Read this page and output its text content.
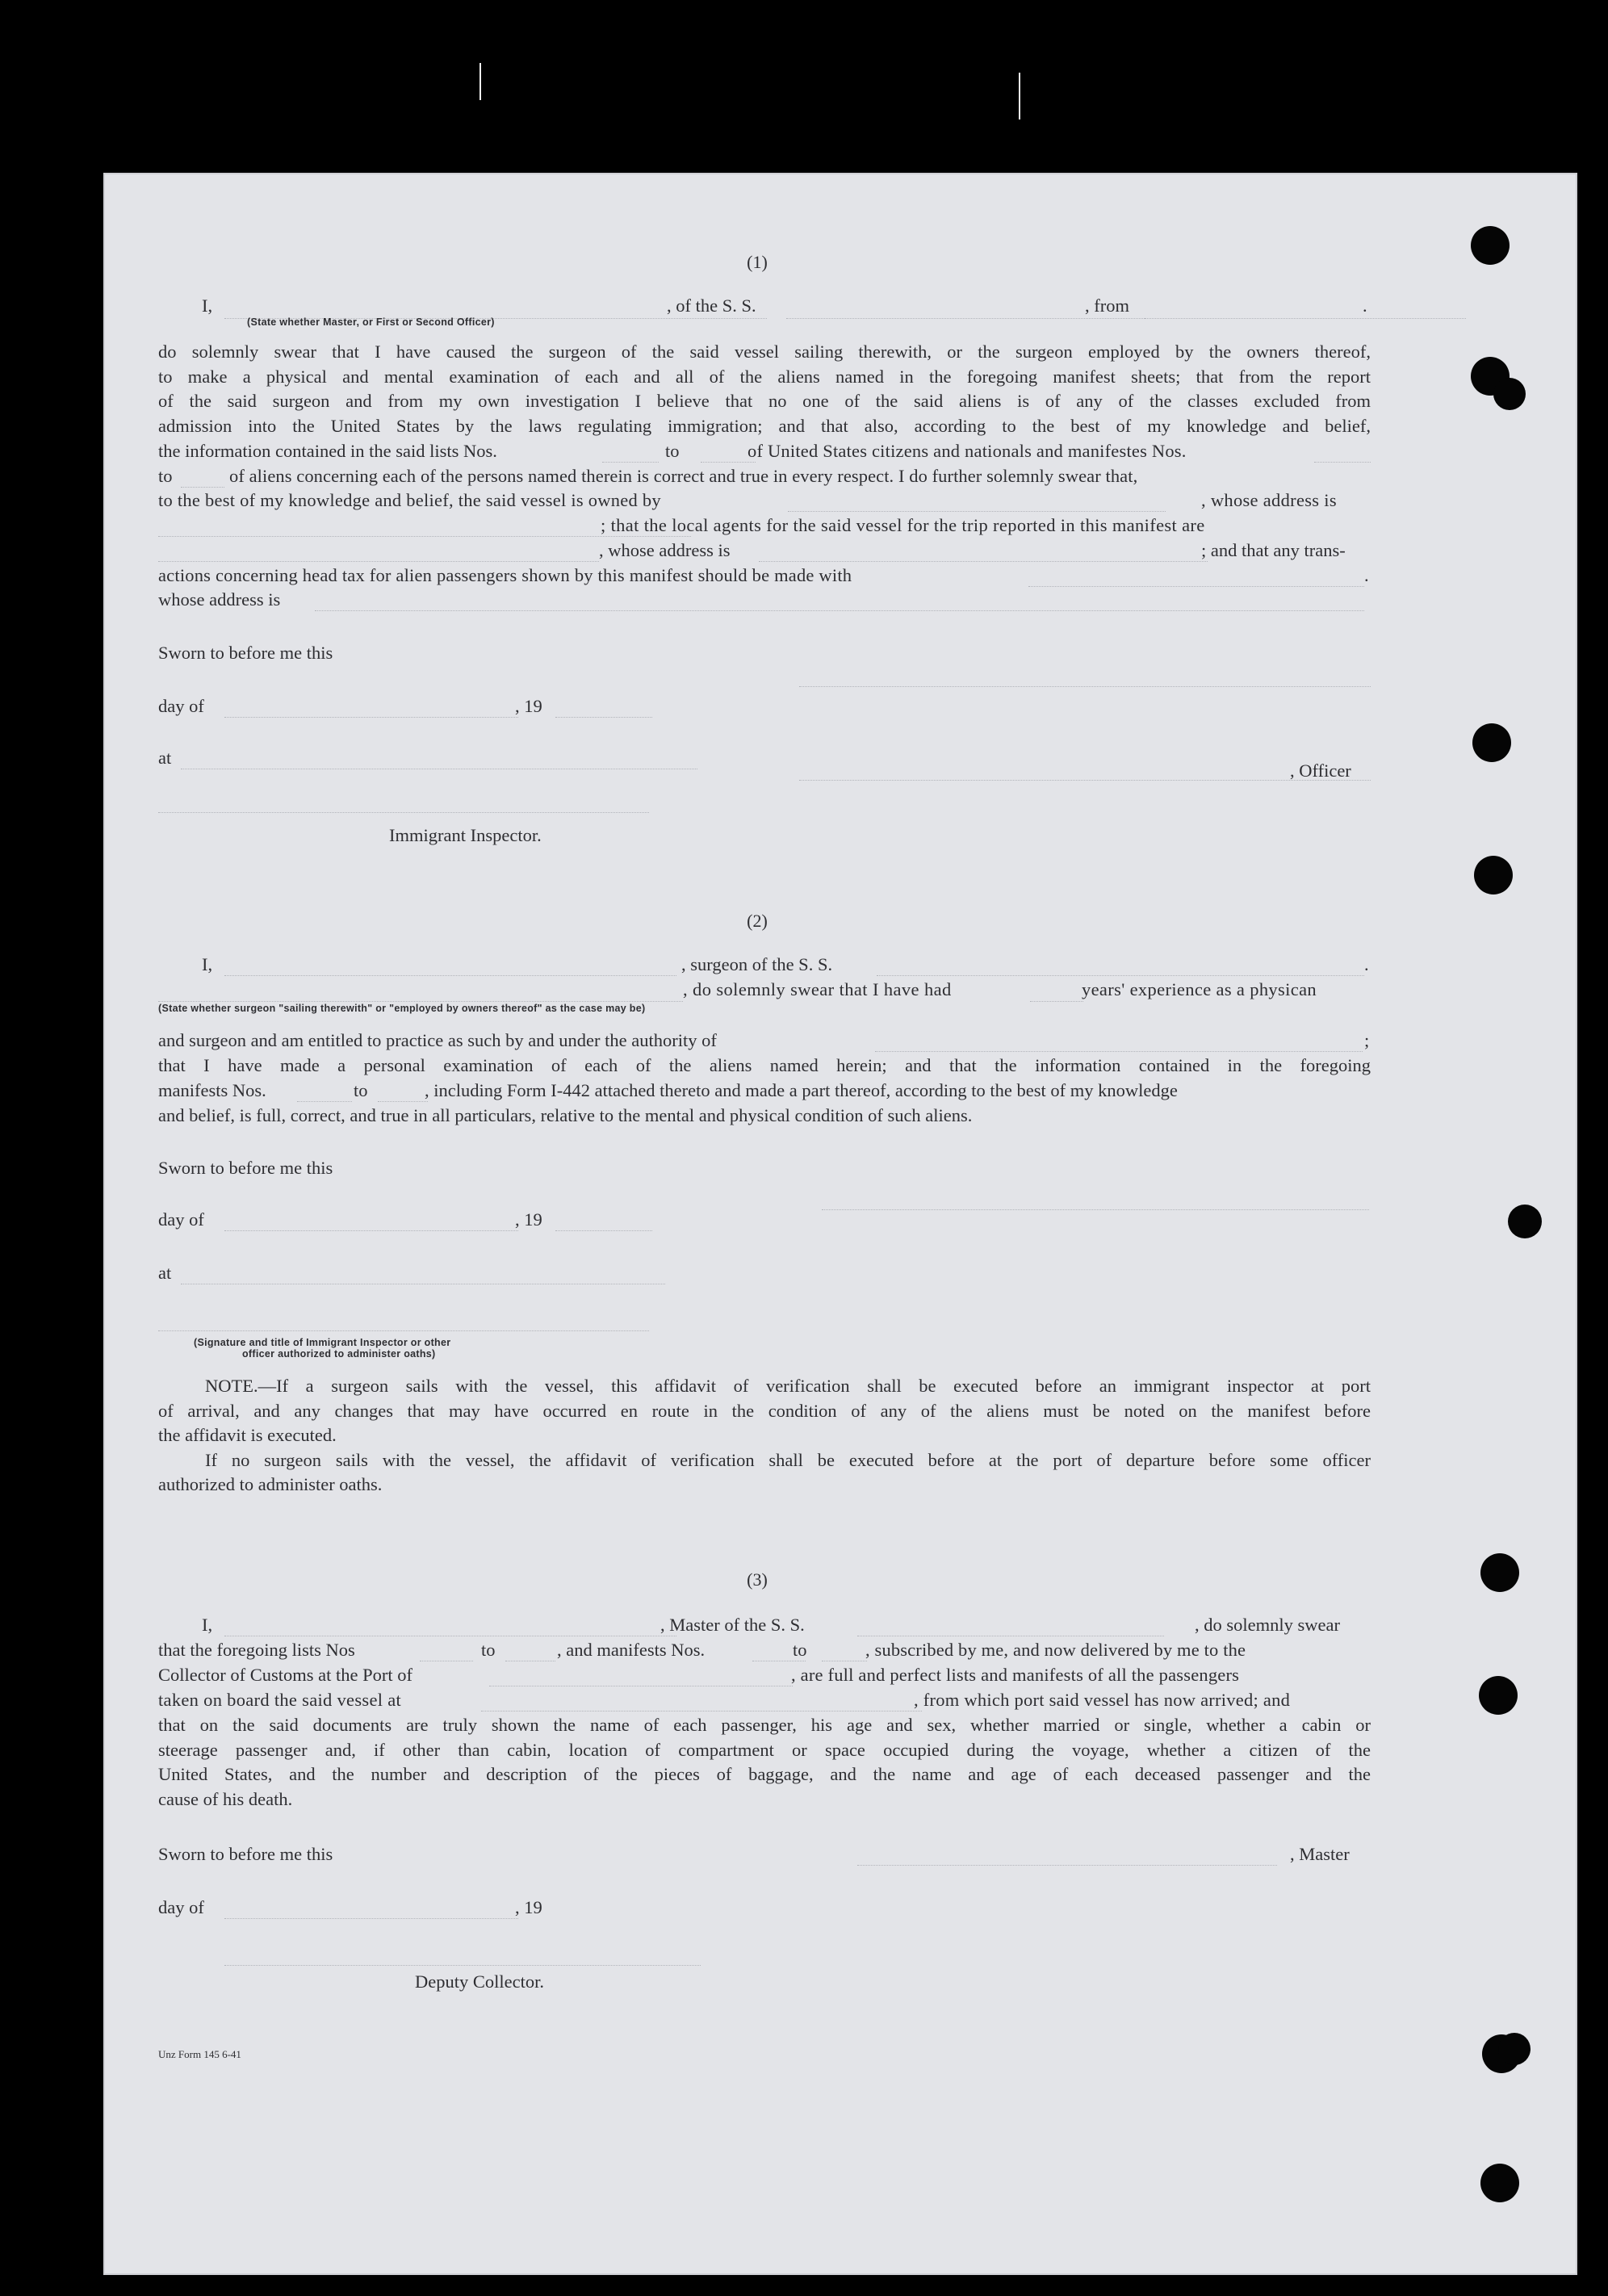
(1)
I,	, of the S. S.	, from	.
(State whether Master, or First or Second Officer)
do solemnly swear that I have caused the surgeon of the said vessel sailing therewith, or the surgeon employed by the owners thereof,
to make a physical and mental examination of each and all of the aliens named in the foregoing manifest sheets; that from the report
of the said surgeon and from my own investigation I believe that no one of the said aliens is of any of the classes excluded from
admission into the United States by the laws regulating immigration; and that also, according to the best of my knowledge and belief,
the information contained in the said lists Nos.	to	of United States citizens and nationals and manifestes Nos.
to	of aliens concerning each of the persons named therein is correct and true in every respect. I do further solemnly swear that,
to the best of my knowledge and belief, the said vessel is owned by	, whose address is
; that the local agents for the said vessel for the trip reported in this manifest are
, whose address is	; and that any trans-
actions concerning head tax for alien passengers shown by this manifest should be made with	.
whose address is
Sworn to before me this
day of	, 19
at
, Officer
Immigrant Inspector.
(2)
I,	, surgeon of the S. S.	.
, do solemnly swear that I have had	years' experience as a physican
(State whether surgeon "sailing therewith" or "employed by owners thereof" as the case may be)
and surgeon and am entitled to practice as such by and under the authority of	;
that I have made a personal examination of each of the aliens named herein; and that the information contained in the foregoing
manifests Nos.	to	, including Form I-442 attached thereto and made a part thereof, according to the best of my knowledge
and belief, is full, correct, and true in all particulars, relative to the mental and physical condition of such aliens.
Sworn to before me this
day of	, 19
at
(Signature and title of Immigrant Inspector or other
officer authorized to administer oaths)
NOTE.—If a surgeon sails with the vessel, this affidavit of verification shall be executed before an immigrant inspector at port
of arrival, and any changes that may have occurred en route in the condition of any of the aliens must be noted on the manifest before
the affidavit is executed.
If no surgeon sails with the vessel, the affidavit of verification shall be executed before at the port of departure before some officer
authorized to administer oaths.
(3)
I,	, Master of the S. S.	, do solemnly swear
that the foregoing lists Nos	to	, and manifests Nos.	to	, subscribed by me, and now delivered by me to the
Collector of Customs at the Port of	, are full and perfect lists and manifests of all the passengers
taken on board the said vessel at	, from which port said vessel has now arrived; and
that on the said documents are truly shown the name of each passenger, his age and sex, whether married or single, whether a cabin or
steerage passenger and, if other than cabin, location of compartment or space occupied during the voyage, whether a citizen of the
United States, and the number and description of the pieces of baggage, and the name and age of each deceased passenger and the
cause of his death.
Sworn to before me this	, Master
day of	, 19
Deputy Collector.
Unz Form 145 6-41
